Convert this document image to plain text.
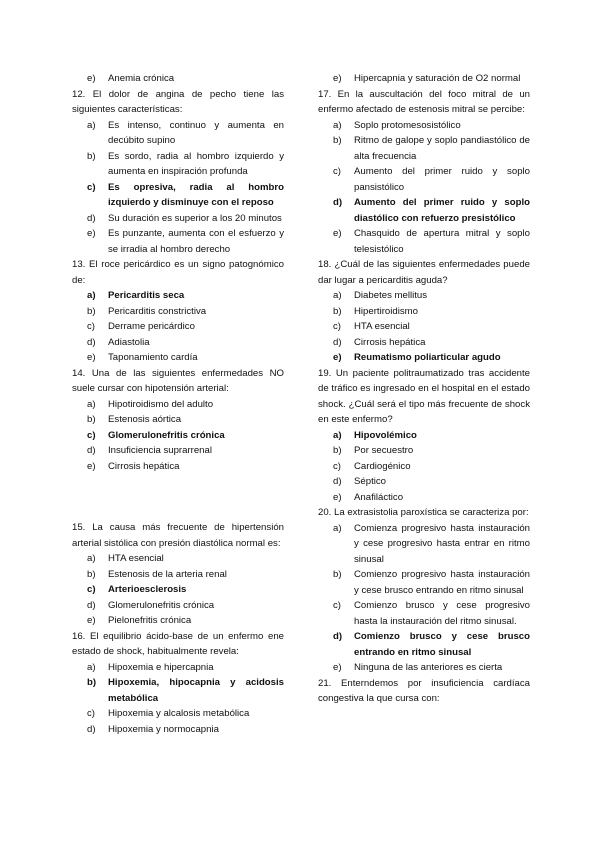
e)	Anemia crónica
12. El dolor de angina de pecho tiene las siguientes características:
a)	Es intenso, continuo y aumenta en decúbito supino
b)	Es sordo, radia al hombro izquierdo y aumenta en inspiración profunda
c)	Es opresiva, radia al hombro izquierdo y disminuye con el reposo
d)	Su duración es superior a los 20 minutos
e)	Es punzante, aumenta con el esfuerzo y se irradia al hombro derecho
13. El roce pericárdico es un signo patognómico de:
a)	Pericarditis seca
b)	Pericarditis constrictiva
c)	Derrame pericárdico
d)	Adiastolia
e)	Taponamiento cardía
14. Una de las siguientes enfermedades NO suele cursar con hipotensión arterial:
a)	Hipotiroidismo del adulto
b)	Estenosis aórtica
c)	Glomerulonefritis crónica
d)	Insuficiencia suprarrenal
e)	Cirrosis hepática
15. La causa más frecuente de hipertensión arterial sistólica con presión diastólica normal es:
a)	HTA esencial
b)	Estenosis de la arteria renal
c)	Arterioesclerosis
d)	Glomerulonefritis crónica
e)	Pielonefritis crónica
16. El equilibrio ácido-base de un enfermo ene estado de shock, habitualmente revela:
a)	Hipoxemia e hipercapnia
b)	Hipoxemia, hipocapnia y acidosis metabólica
c)	Hipoxemia y alcalosis metabólica
d)	Hipoxemia y normocapnia
e)	Hipercapnia y saturación de O2 normal
17. En la auscultación del foco mitral de un enfermo afectado de estenosis mitral se percibe:
a)	Soplo protomesosistólico
b)	Ritmo de galope y soplo pandiastólico de alta frecuencia
c)	Aumento del primer ruido y soplo pansistólico
d)	Aumento del primer ruido y soplo diastólico con refuerzo presistólico
e)	Chasquido de apertura mitral y soplo telesistólico
18. ¿Cuál de las siguientes enfermedades puede dar lugar a pericarditis aguda?
a)	Diabetes mellitus
b)	Hipertiroidismo
c)	HTA esencial
d)	Cirrosis hepática
e)	Reumatismo poliarticular agudo
19. Un paciente politraumatizado tras accidente de tráfico es ingresado en el hospital en el estado shock. ¿Cuál será el tipo más frecuente de shock en este enfermo?
a)	Hipovolémico
b)	Por secuestro
c)	Cardiogénico
d)	Séptico
e)	Anafiláctico
20. La extrasistolia paroxística se caracteriza por:
a)	Comienza progresivo hasta instauración y cese progresivo hasta entrar en ritmo sinusal
b)	Comienzo progresivo hasta instauración y cese brusco entrando en ritmo sinusal
c)	Comienzo brusco y cese progresivo hasta la instauración del ritmo sinusal.
d)	Comienzo brusco y cese brusco entrando en ritmo sinusal
e)	Ninguna de las anteriores es cierta
21. Enterndemos por insuficiencia cardíaca congestiva la que cursa con:
